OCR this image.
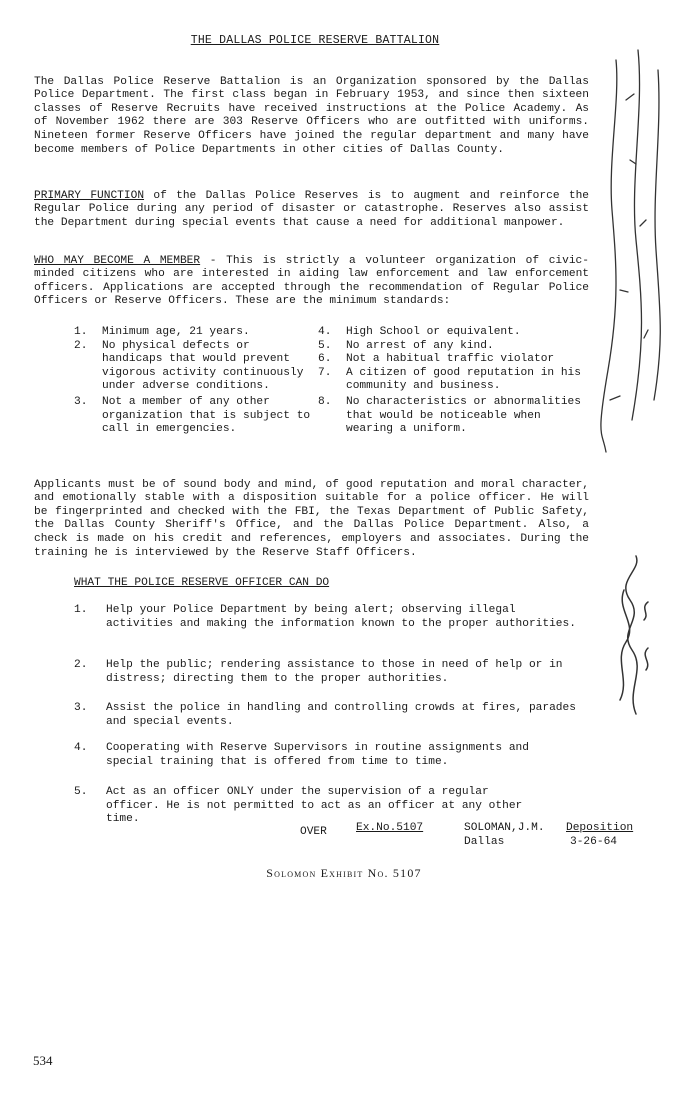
THE DALLAS POLICE RESERVE BATTALION

The Dallas Police Reserve Battalion is an Organization sponsored by the Dallas Police Department. The first class began in February 1953, and since then sixteen classes of Reserve Recruits have received instructions at the Police Academy. As of November 1962 there are 303 Reserve Officers who are outfitted with uniforms. Nineteen former Reserve Officers have joined the regular department and many have become members of Police Departments in other cities of Dallas County.

PRIMARY FUNCTION of the Dallas Police Reserves is to augment and reinforce the Regular Police during any period of disaster or catastrophe. Reserves also assist the Department during special events that cause a need for additional manpower.

WHO MAY BECOME A MEMBER - This is strictly a volunteer organization of civic-minded citizens who are interested in aiding law enforcement and law enforcement officers. Applications are accepted through the recommendation of Regular Police Officers or Reserve Officers. These are the minimum standards:

1.	Minimum age, 21 years.
2.	No physical defects or handicaps that would prevent vigorous activity continuously under adverse conditions.
3.	Not a member of any other organization that is subject to call in emergencies.
4.	High School or equivalent.
5.	No arrest of any kind.
6.	Not a habitual traffic violator
7.	A citizen of good reputation in his community and business.
8.	No characteristics or abnormalities that would be noticeable when wearing a uniform.

Applicants must be of sound body and mind, of good reputation and moral character, and emotionally stable with a disposition suitable for a police officer. He will be fingerprinted and checked with the FBI, the Texas Department of Public Safety, the Dallas County Sheriff's Office, and the Dallas Police Department. Also, a check is made on his credit and references, employers and associates. During the training he is interviewed by the Reserve Staff Officers.

WHAT THE POLICE RESERVE OFFICER CAN DO
1. Help your Police Department by being alert; observing illegal activities and making the information known to the proper authorities.
2. Help the public; rendering assistance to those in need of help or in distress; directing them to the proper authorities.
3. Assist the police in handling and controlling crowds at fires, parades and special events.
4. Cooperating with Reserve Supervisors in routine assignments and special training that is offered from time to time.
5. Act as an officer ONLY under the supervision of a regular officer. He is not permitted to act as an officer at any other time.
OVER	Ex.No.5107	SOLOMAN,J.M.
Dallas
Deposition
3-26-64
Solomon Exhibit No. 5107
534
